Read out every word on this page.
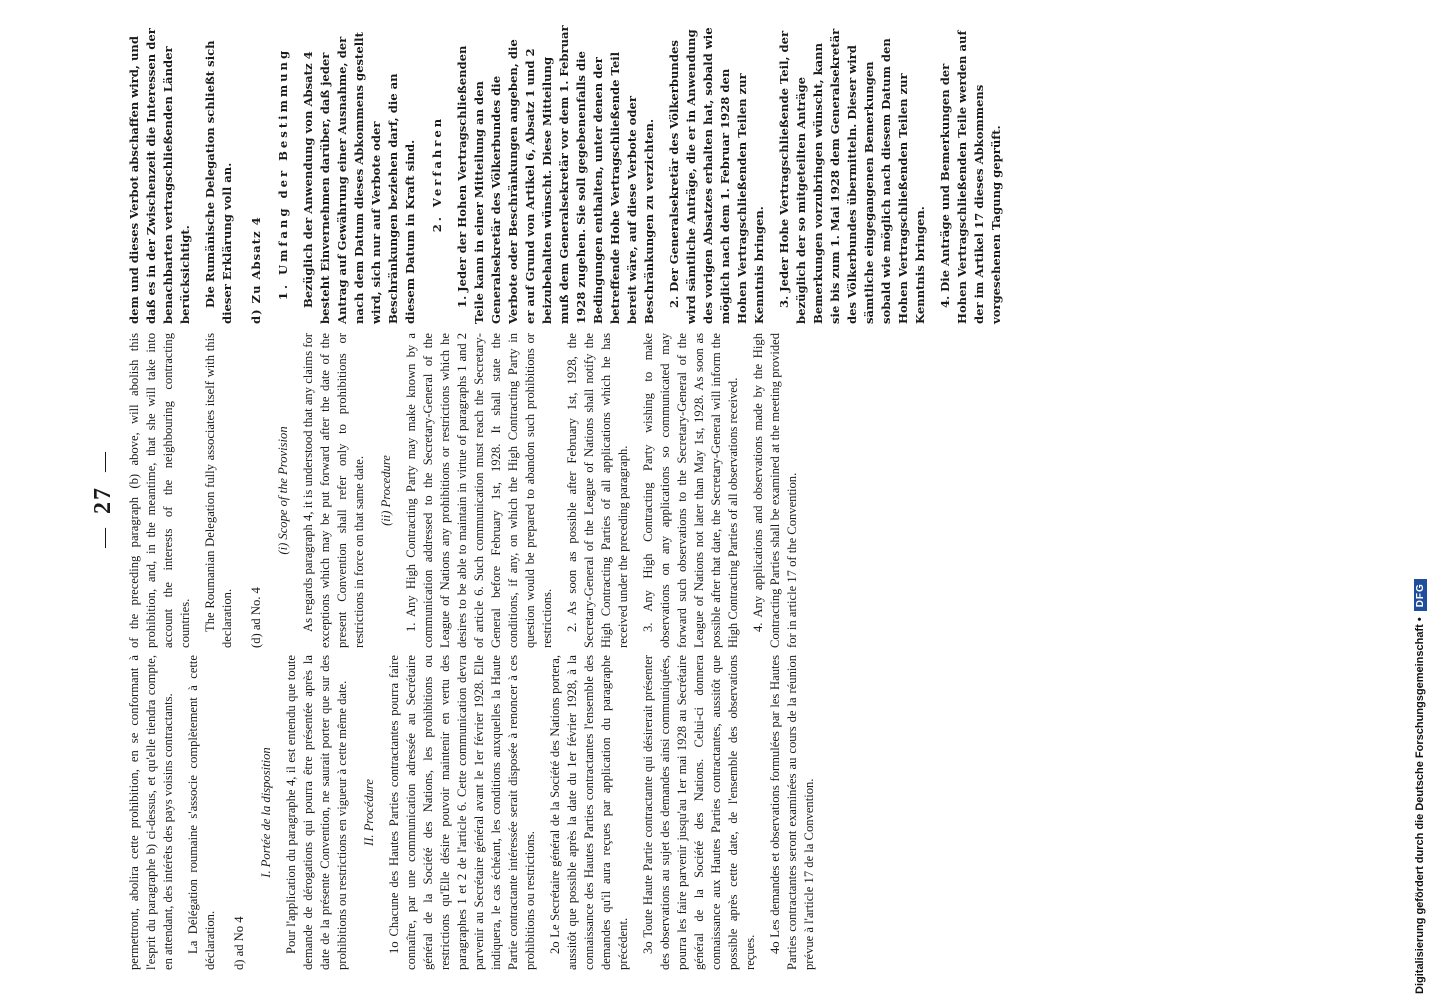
— 27 —

permettront, abolira cette prohibition, en se conformant à l'esprit du paragraphe b) ci-dessus, et qu'elle tiendra compte, en attendant, des intérêts des pays voisins contractants. La Délégation roumaine s'associe complètement à cette déclaration. d) ad No 4

I. Portée de la disposition Pour l'application du paragraphe 4, il est entendu que toute demande de dérogations qui pourra être présentée après la date de la présente Convention, ne saurait porter que sur des prohibitions ou restrictions en vigueur à cette même date. II. Procédure 1o Chacune des Hautes Parties contractantes pourra faire connaître, par une communication adressée au Secrétaire général de la Société des Nations, les prohibitions ou restrictions qu'Elle désire pouvoir maintenir en vertu des paragraphes 1 et 2 de l'article 6. Cette communication devra parvenir au Secrétaire général avant le 1er février 1928. Elle indiquera, le cas échéant, les conditions auxquelles la Haute Partie contractante intéressée serait disposée à renoncer à ces prohibitions ou restrictions. 2o Le Secrétaire général de la Société des Nations portera, aussitôt que possible après la date du 1er février 1928, à la connaissance des Hautes Parties contractantes l'ensemble des demandes qu'il aura reçues par application du paragraphe précédent. 3o Toute Haute Partie contractante qui désirerait présenter des observations au sujet des demandes ainsi communiquées, pourra les faire parvenir jusqu'au 1er mai 1928 au Secrétaire général de la Société des Nations. Celui-ci donnera connaissance aux Hautes Parties contractantes, aussitôt que possible après cette date, de l'ensemble des observations reçues. 4o Les demandes et observations formulées par les Hautes Parties contractantes seront examinées au cours de la réunion prévue à l'article 17 de la Convention.

of the preceding paragraph (b) above, will abolish this prohibition, and, in the meantime, that she will take into account the interests of the neighbouring contracting countries. The Roumanian Delegation fully associates itself with this declaration. (d) ad No. 4

(i) Scope of the Provision As regards paragraph 4, it is understood that any claims for exceptions which may be put forward after the date of the present Convention shall refer only to prohibitions or restrictions in force on that same date. (ii) Procedure 1. Any High Contracting Party may make known by a communication addressed to the Secretary-General of the League of Nations any prohibitions or restrictions which he desires to be able to maintain in virtue of paragraphs 1 and 2 of article 6. Such communication must reach the Secretary-General before February 1st, 1928. It shall state the conditions, if any, on which the High Contracting Party in question would be prepared to abandon such prohibitions or restrictions. 2. As soon as possible after February 1st, 1928, the Secretary-General of the League of Nations shall notify the High Contracting Parties of all applications which he has received under the preceding paragraph. 3. Any High Contracting Party wishing to make observations on any applications so communicated may forward such observations to the Secretary-General of the League of Nations not later than May 1st, 1928. As soon as possible after that date, the Secretary-General will inform the High Contracting Parties of all observations received. 4. Any applications and observations made by the High Contracting Parties shall be examined at the meeting provided for in article 17 of the Convention.

dem und dieses Verbot abschaffen wird, und daß es in der Zwischenzeit die Interessen der benachbarten vertragschließenden Länder berücksichtigt. Die Rumänische Delegation schließt sich dieser Erklärung voll an. d) Zu Absatz 4 1. Umfang der Bestimmung Bezüglich der Anwendung von Absatz 4 besteht Einvernehmen darüber, daß jeder Antrag auf Gewährung einer Ausnahme, der nach dem Datum dieses Abkommens gestellt wird, sich nur auf Verbote oder Beschränkungen beziehen darf, die an diesem Datum in Kraft sind. 2. Verfahren 1. Jeder der Hohen Vertragschließenden Teile kann in einer Mitteilung an den Generalsekretär des Völkerbundes die Verbote oder Beschränkungen angeben, die er auf Grund von Artikel 6, Absatz 1 und 2 beizubehalten wünscht. Diese Mitteilung muß dem Generalsekretär vor dem 1. Februar 1928 zugehen. Sie soll gegebenenfalls die Bedingungen enthalten, unter denen der betreffende Hohe Vertragschließende Teil bereit wäre, auf diese Verbote oder Beschränkungen zu verzichten. 2. Der Generalsekretär des Völkerbundes wird sämtliche Anträge, die er in Anwendung des vorigen Absatzes erhalten hat, sobald wie möglich nach dem 1. Februar 1928 den Hohen Vertragschließenden Teilen zur Kenntnis bringen. 3. Jeder Hohe Vertragschließende Teil, der bezüglich der so mitgeteilten Anträge Bemerkungen vorzubringen wünscht, kann sie bis zum 1. Mai 1928 dem Generalsekretär des Völkerbundes übermitteln. Dieser wird sämtliche eingegangenen Bemerkungen sobald wie möglich nach diesem Datum den Hohen Vertragschließenden Teilen zur Kenntnis bringen. 4. Die Anträge und Bemerkungen der Hohen Vertragschließenden Teile werden auf der im Artikel 17 dieses Abkommens vorgesehenen Tagung geprüft.

Digitalisierung gefördert durch die Deutsche Forschungsgemeinschaft •
DFG
